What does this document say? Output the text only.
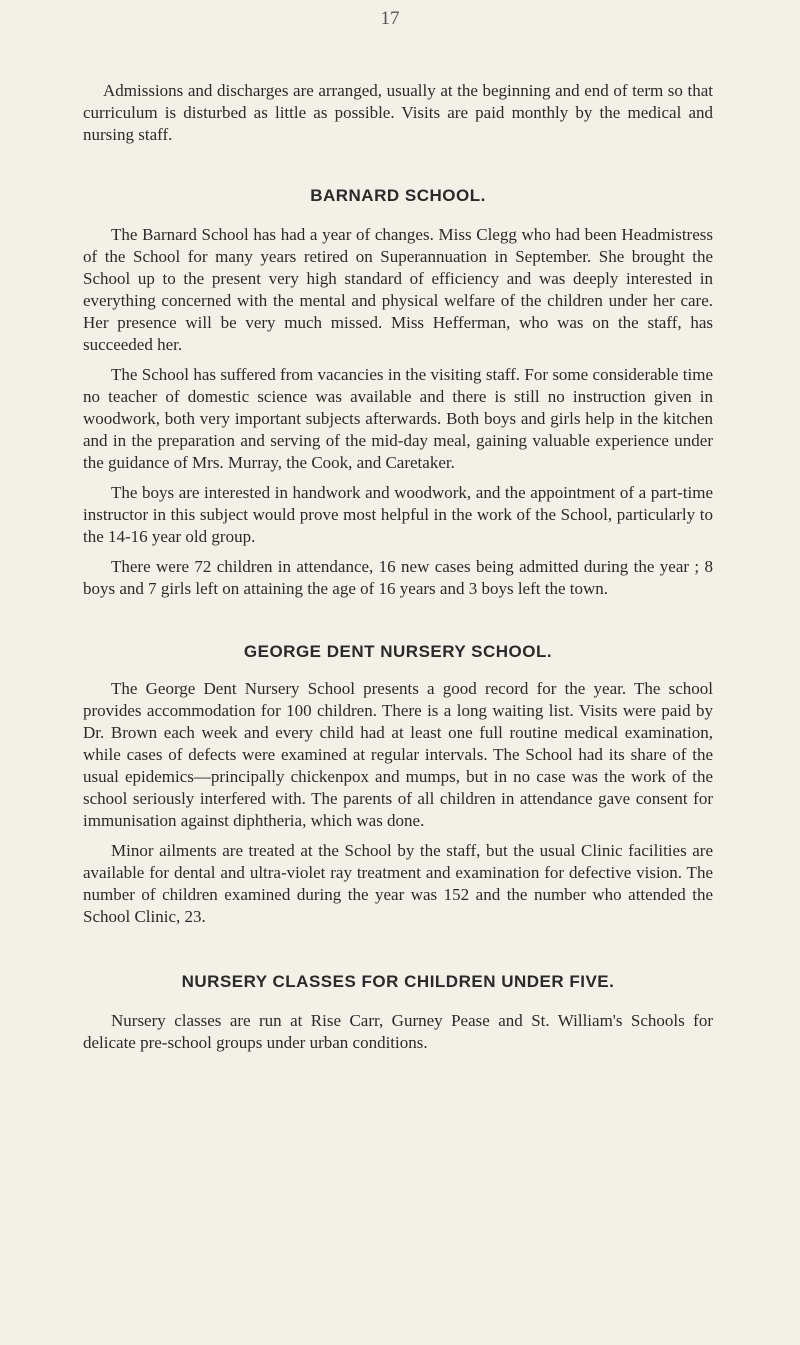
17

Admissions and discharges are arranged, usually at the beginning and end of term so that curriculum is disturbed as little as possible. Visits are paid monthly by the medical and nursing staff.

BARNARD SCHOOL.

The Barnard School has had a year of changes. Miss Clegg who had been Headmistress of the School for many years retired on Superannuation in September. She brought the School up to the present very high standard of efficiency and was deeply interested in everything concerned with the mental and physical welfare of the children under her care. Her presence will be very much missed. Miss Hefferman, who was on the staff, has succeeded her.

The School has suffered from vacancies in the visiting staff. For some considerable time no teacher of domestic science was available and there is still no instruction given in woodwork, both very important subjects afterwards. Both boys and girls help in the kitchen and in the preparation and serving of the mid-day meal, gaining valuable experience under the guidance of Mrs. Murray, the Cook, and Caretaker.

The boys are interested in handwork and woodwork, and the appointment of a part-time instructor in this subject would prove most helpful in the work of the School, particularly to the 14-16 year old group.

There were 72 children in attendance, 16 new cases being admitted during the year ; 8 boys and 7 girls left on attaining the age of 16 years and 3 boys left the town.

GEORGE DENT NURSERY SCHOOL.

The George Dent Nursery School presents a good record for the year. The school provides accommodation for 100 children. There is a long waiting list. Visits were paid by Dr. Brown each week and every child had at least one full routine medical examination, while cases of defects were examined at regular intervals. The School had its share of the usual epidemics—principally chickenpox and mumps, but in no case was the work of the school seriously interfered with. The parents of all children in attendance gave consent for immunisation against diphtheria, which was done.

Minor ailments are treated at the School by the staff, but the usual Clinic facilities are available for dental and ultra-violet ray treatment and examination for defective vision. The number of children examined during the year was 152 and the number who attended the School Clinic, 23.

NURSERY CLASSES FOR CHILDREN UNDER FIVE.

Nursery classes are run at Rise Carr, Gurney Pease and St. William's Schools for delicate pre-school groups under urban conditions.
